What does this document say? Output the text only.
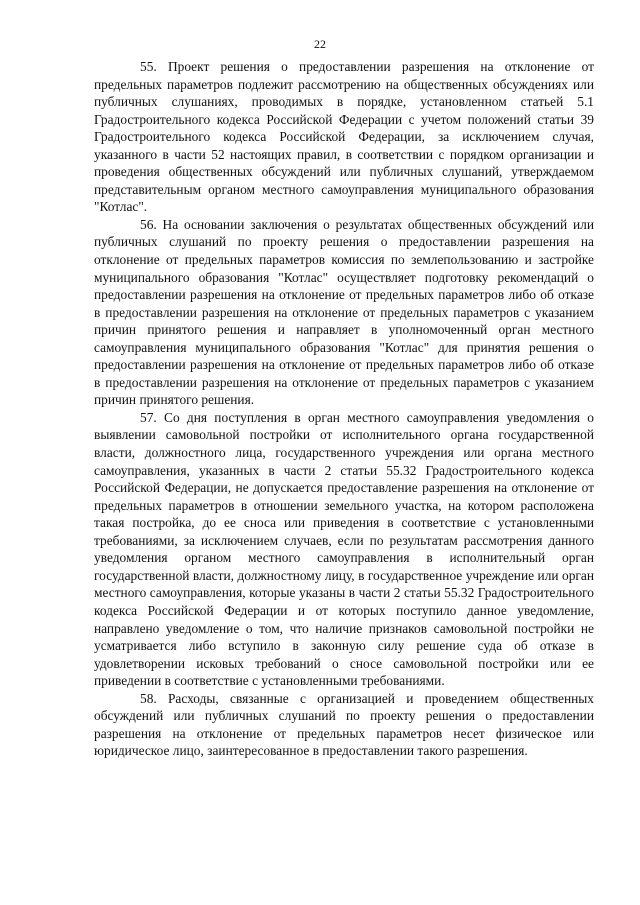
22

55. Проект решения о предоставлении разрешения на отклонение от предельных параметров подлежит рассмотрению на общественных обсуждениях или публичных слушаниях, проводимых в порядке, установленном статьей 5.1 Градостроительного кодекса Российской Федерации с учетом положений статьи 39 Градостроительного кодекса Российской Федерации, за исключением случая, указанного в части 52 настоящих правил, в соответствии с порядком организации и проведения общественных обсуждений или публичных слушаний, утверждаемом представительным органом местного самоуправления муниципального образования "Котлас".

56. На основании заключения о результатах общественных обсуждений или публичных слушаний по проекту решения о предоставлении разрешения на отклонение от предельных параметров комиссия по землепользованию и застройке муниципального образования "Котлас" осуществляет подготовку рекомендаций о предоставлении разрешения на отклонение от предельных параметров либо об отказе в предоставлении разрешения на отклонение от предельных параметров с указанием причин принятого решения и направляет в уполномоченный орган местного самоуправления муниципального образования "Котлас" для принятия решения о предоставлении разрешения на отклонение от предельных параметров либо об отказе в предоставлении разрешения на отклонение от предельных параметров с указанием причин принятого решения.

57. Со дня поступления в орган местного самоуправления уведомления о выявлении самовольной постройки от исполнительного органа государственной власти, должностного лица, государственного учреждения или органа местного самоуправления, указанных в части 2 статьи 55.32 Градостроительного кодекса Российской Федерации, не допускается предоставление разрешения на отклонение от предельных параметров в отношении земельного участка, на котором расположена такая постройка, до ее сноса или приведения в соответствие с установленными требованиями, за исключением случаев, если по результатам рассмотрения данного уведомления органом местного самоуправления в исполнительный орган государственной власти, должностному лицу, в государственное учреждение или орган местного самоуправления, которые указаны в части 2 статьи 55.32 Градостроительного кодекса Российской Федерации и от которых поступило данное уведомление, направлено уведомление о том, что наличие признаков самовольной постройки не усматривается либо вступило в законную силу решение суда об отказе в удовлетворении исковых требований о сносе самовольной постройки или ее приведении в соответствие с установленными требованиями.

58. Расходы, связанные с организацией и проведением общественных обсуждений или публичных слушаний по проекту решения о предоставлении разрешения на отклонение от предельных параметров несет физическое или юридическое лицо, заинтересованное в предоставлении такого разрешения.
